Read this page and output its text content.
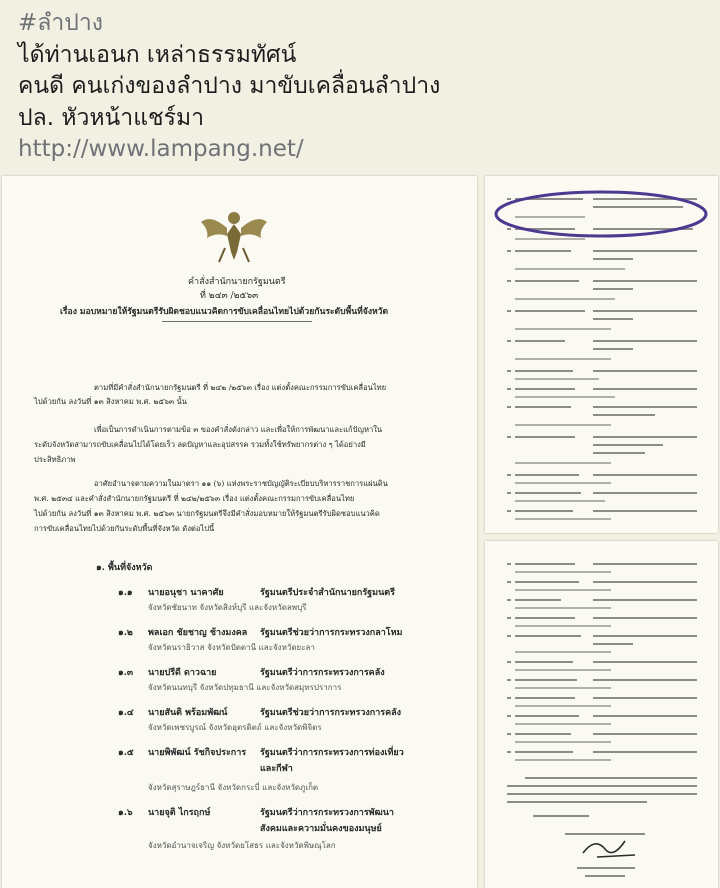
#ลำปาง
ได้ท่านเอนก เหล่าธรรมทัศน์
คนดี คนเก่งของลำปาง มาขับเคลื่อนลำปาง
ปล. หัวหน้าแชร์มา
http://www.lampang.net/
คำสั่งสำนักนายกรัฐมนตรี
ที่ ๒๔๓ /๒๕๖๓
เรื่อง มอบหมายให้รัฐมนตรีรับผิดชอบแนวคิดการขับเคลื่อนไทยไปด้วยกันระดับพื้นที่จังหวัด
ตามที่มีคำสั่งสำนักนายกรัฐมนตรี ที่ ๒๔๒ /๒๕๖๓ เรื่อง แต่งตั้งคณะกรรมการขับเคลื่อนไทย
ไปด้วยกัน ลงวันที่ ๑๓ สิงหาคม พ.ศ. ๒๕๖๓ นั้น
เพื่อเป็นการดำเนินการตามข้อ ๓ ของคำสั่งดังกล่าว และเพื่อให้การพัฒนาและแก้ปัญหาใน
ระดับจังหวัดสามารถขับเคลื่อนไปได้โดยเร็ว ลดปัญหาและอุปสรรค รวมทั้งใช้ทรัพยากรต่าง ๆ ได้อย่างมี
ประสิทธิภาพ
อาศัยอำนาจตามความในมาตรา ๑๑ (๖) แห่งพระราชบัญญัติระเบียบบริหารราชการแผ่นดิน
พ.ศ. ๒๕๓๔ และคำสั่งสำนักนายกรัฐมนตรี ที่ ๒๔๒/๒๕๖๓ เรื่อง แต่งตั้งคณะกรรมการขับเคลื่อนไทย
ไปด้วยกัน ลงวันที่ ๑๓ สิงหาคม พ.ศ. ๒๕๖๓ นายกรัฐมนตรีจึงมีคำสั่งมอบหมายให้รัฐมนตรีรับผิดชอบแนวคิด
การขับเคลื่อนไทยไปด้วยกันระดับพื้นที่จังหวัด ดังต่อไปนี้
๑. พื้นที่จังหวัด
๑.๑ นายอนุชา นาคาศัย	รัฐมนตรีประจำสำนักนายกรัฐมนตรี
จังหวัดชัยนาท จังหวัดสิงห์บุรี และจังหวัดลพบุรี
๑.๒ พลเอก ชัยชาญ ช้างมงคล รัฐมนตรีช่วยว่าการกระทรวงกลาโหม
จังหวัดนราธิวาส จังหวัดปัตตานี และจังหวัดยะลา
๑.๓ นายปรีดี ดาวฉาย	รัฐมนตรีว่าการกระทรวงการคลัง
จังหวัดนนทบุรี จังหวัดปทุมธานี และจังหวัดสมุทรปราการ
๑.๔ นายสันติ พร้อมพัฒน์	รัฐมนตรีช่วยว่าการกระทรวงการคลัง
จังหวัดเพชรบูรณ์ จังหวัดอุตรดิตถ์ และจังหวัดพิจิตร
๑.๕ นายพิพัฒน์ รัชกิจประการ รัฐมนตรีว่าการกระทรวงการท่องเที่ยว
และกีฬา
จังหวัดสุราษฎร์ธานี จังหวัดกระบี่ และจังหวัดภูเก็ต
๑.๖ นายจุติ ไกรฤกษ์	รัฐมนตรีว่าการกระทรวงการพัฒนา
สังคมและความมั่นคงของมนุษย์
จังหวัดอำนาจเจริญ จังหวัดยโสธร และจังหวัดพิษณุโลก
